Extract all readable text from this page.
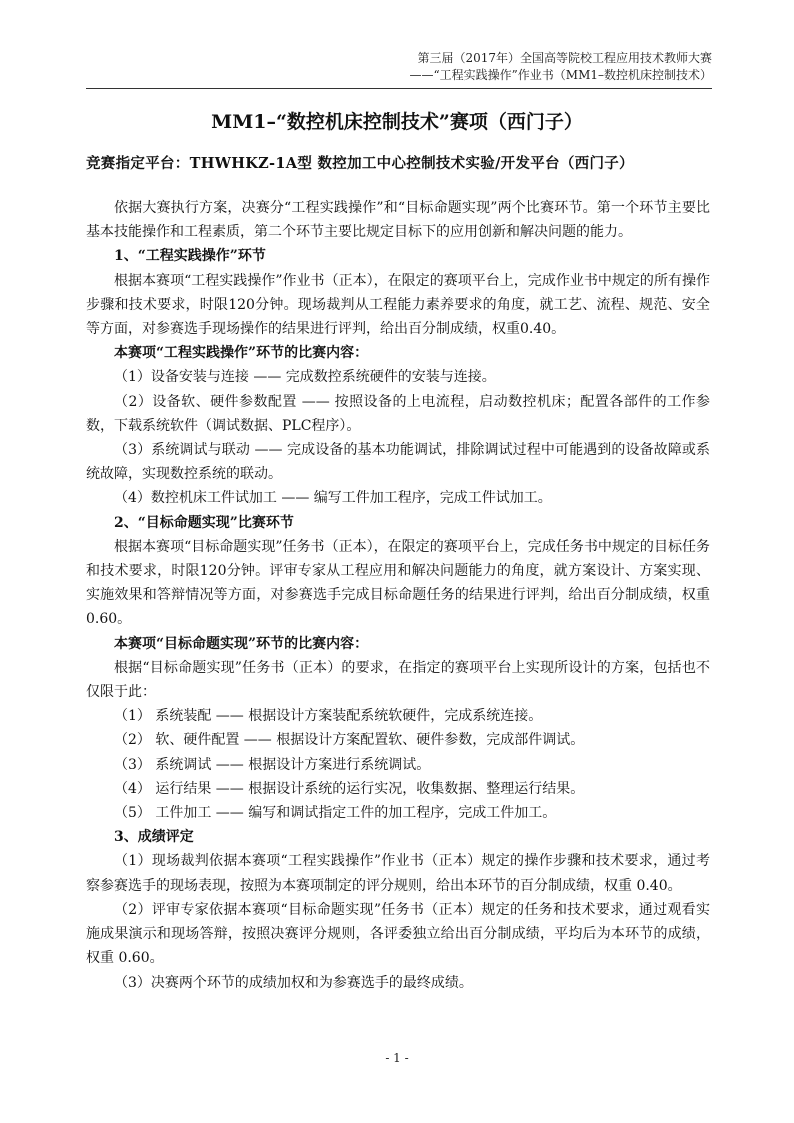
第三届（2017年）全国高等院校工程应用技术教师大赛
——“工程实践操作”作业书（MM1–数控机床控制技术）
MM1–“数控机床控制技术”赛项（西门子）
竞赛指定平台：THWHKZ-1A型 数控加工中心控制技术实验/开发平台（西门子）

依据大赛执行方案，决赛分“工程实践操作”和“目标命题实现”两个比赛环节。第一个环节主要比基本技能操作和工程素质，第二个环节主要比规定目标下的应用创新和解决问题的能力。

1、“工程实践操作”环节

根据本赛项“工程实践操作”作业书（正本），在限定的赛项平台上，完成作业书中规定的所有操作步骤和技术要求，时限120分钟。现场裁判从工程能力素养要求的角度，就工艺、流程、规范、安全等方面，对参赛选手现场操作的结果进行评判，给出百分制成绩，权重0.40。

本赛项“工程实践操作”环节的比赛内容：

（1）设备安装与连接 —— 完成数控系统硬件的安装与连接。

（2）设备软、硬件参数配置 —— 按照设备的上电流程，启动数控机床；配置各部件的工作参数，下载系统软件（调试数据、PLC程序）。

（3）系统调试与联动 —— 完成设备的基本功能调试，排除调试过程中可能遇到的设备故障或系统故障，实现数控系统的联动。

（4）数控机床工件试加工 —— 编写工件加工程序，完成工件试加工。

2、“目标命题实现”比赛环节

根据本赛项“目标命题实现”任务书（正本），在限定的赛项平台上，完成任务书中规定的目标任务和技术要求，时限120分钟。评审专家从工程应用和解决问题能力的角度，就方案设计、方案实现、实施效果和答辩情况等方面，对参赛选手完成目标命题任务的结果进行评判，给出百分制成绩，权重0.60。

本赛项“目标命题实现”环节的比赛内容：

根据“目标命题实现”任务书（正本）的要求，在指定的赛项平台上实现所设计的方案，包括也不仅限于此：

（1） 系统装配 —— 根据设计方案装配系统软硬件，完成系统连接。

（2） 软、硬件配置 —— 根据设计方案配置软、硬件参数，完成部件调试。

（3） 系统调试 —— 根据设计方案进行系统调试。

（4） 运行结果 —— 根据设计系统的运行实况，收集数据、整理运行结果。

（5） 工件加工 —— 编写和调试指定工件的加工程序，完成工件加工。

3、成绩评定

（1）现场裁判依据本赛项“工程实践操作”作业书（正本）规定的操作步骤和技术要求，通过考察参赛选手的现场表现，按照为本赛项制定的评分规则，给出本环节的百分制成绩，权重 0.40。

（2）评审专家依据本赛项“目标命题实现”任务书（正本）规定的任务和技术要求，通过观看实施成果演示和现场答辩，按照决赛评分规则，各评委独立给出百分制成绩，平均后为本环节的成绩，权重 0.60。

（3）决赛两个环节的成绩加权和为参赛选手的最终成绩。

- 1 -
